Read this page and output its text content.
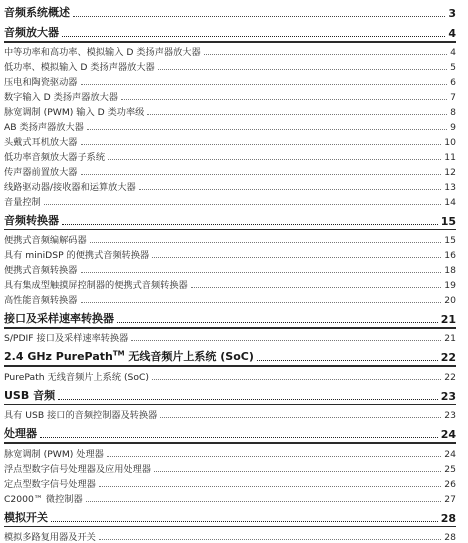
音频系统概述	3
音频放大器	4
中等功率和高功率、模拟输入 D 类扬声器放大器	4
低功率、模拟输入 D 类扬声器放大器	5
压电和陶瓷驱动器	6
数字输入 D 类扬声器放大器	7
脉宽调制 (PWM) 输入 D 类功率级	8
AB 类扬声器放大器	9
头戴式耳机放大器	10
低功率音频放大器子系统	11
传声器前置放大器	12
线路驱动器/接收器和运算放大器	13
音量控制	14
音频转换器	15
便携式音频编解码器	15
具有 miniDSP 的便携式音频转换器	16
便携式音频转换器	18
具有集成型触摸屏控制器的便携式音频转换器	19
高性能音频转换器	20
接口及采样速率转换器	21
S/PDIF 接口及采样速率转换器	21
2.4 GHz PurePath™ 无线音频片上系统 (SoC)	22
PurePath 无线音频片上系统 (SoC)	22
USB 音频	23
具有 USB 接口的音频控制器及转换器	23
处理器	24
脉宽调制 (PWM) 处理器	24
浮点型数字信号处理器及应用处理器	25
定点型数字信号处理器	26
C2000™ 微控制器	27
模拟开关	28
模拟多路复用器及开关	28
